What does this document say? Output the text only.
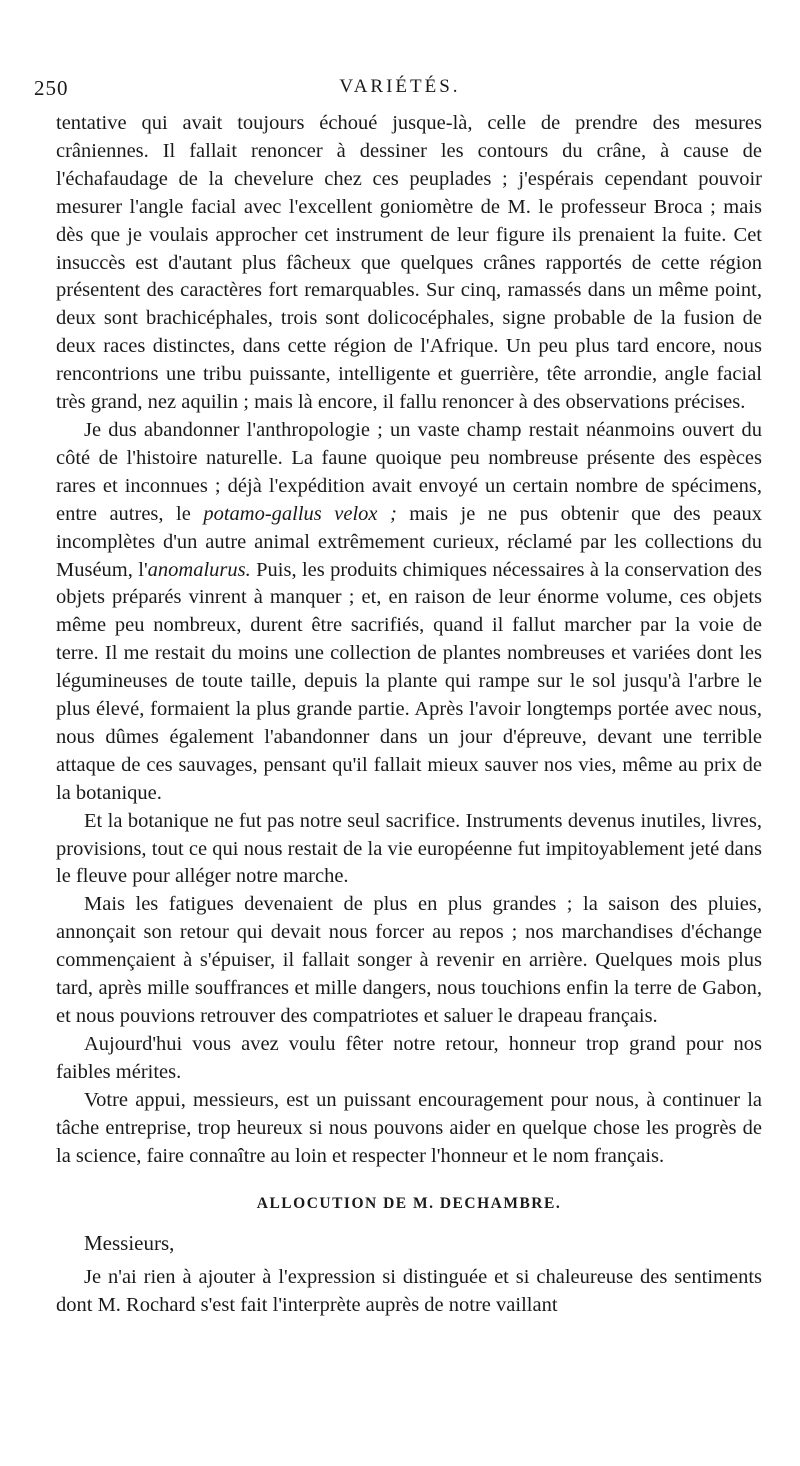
250	VARIÉTÉS.

tentative qui avait toujours échoué jusque-là, celle de prendre des mesures crâniennes. Il fallait renoncer à dessiner les contours du crâne, à cause de l'échafaudage de la chevelure chez ces peuplades ; j'espérais cependant pouvoir mesurer l'angle facial avec l'excellent goniomètre de M. le professeur Broca ; mais dès que je voulais approcher cet instrument de leur figure ils prenaient la fuite. Cet insuccès est d'autant plus fâcheux que quelques crânes rapportés de cette région présentent des caractères fort remarquables. Sur cinq, ramassés dans un même point, deux sont brachicéphales, trois sont dolicocéphales, signe probable de la fusion de deux races distinctes, dans cette région de l'Afrique. Un peu plus tard encore, nous rencontrions une tribu puissante, intelligente et guerrière, tête arrondie, angle facial très grand, nez aquilin ; mais là encore, il fallu renoncer à des observations précises.

Je dus abandonner l'anthropologie ; un vaste champ restait néanmoins ouvert du côté de l'histoire naturelle. La faune quoique peu nombreuse présente des espèces rares et inconnues ; déjà l'expédition avait envoyé un certain nombre de spécimens, entre autres, le potamo-gallus velox ; mais je ne pus obtenir que des peaux incomplètes d'un autre animal extrêmement curieux, réclamé par les collections du Muséum, l'anomalurus. Puis, les produits chimiques nécessaires à la conservation des objets préparés vinrent à manquer ; et, en raison de leur énorme volume, ces objets même peu nombreux, durent être sacrifiés, quand il fallut marcher par la voie de terre. Il me restait du moins une collection de plantes nombreuses et variées dont les légumineuses de toute taille, depuis la plante qui rampe sur le sol jusqu'à l'arbre le plus élevé, formaient la plus grande partie. Après l'avoir longtemps portée avec nous, nous dûmes également l'abandonner dans un jour d'épreuve, devant une terrible attaque de ces sauvages, pensant qu'il fallait mieux sauver nos vies, même au prix de la botanique.

Et la botanique ne fut pas notre seul sacrifice. Instruments devenus inutiles, livres, provisions, tout ce qui nous restait de la vie européenne fut impitoyablement jeté dans le fleuve pour alléger notre marche.

Mais les fatigues devenaient de plus en plus grandes ; la saison des pluies, annonçait son retour qui devait nous forcer au repos ; nos marchandises d'échange commençaient à s'épuiser, il fallait songer à revenir en arrière. Quelques mois plus tard, après mille souffrances et mille dangers, nous touchions enfin la terre de Gabon, et nous pouvions retrouver des compatriotes et saluer le drapeau français.

Aujourd'hui vous avez voulu fêter notre retour, honneur trop grand pour nos faibles mérites.

Votre appui, messieurs, est un puissant encouragement pour nous, à continuer la tâche entreprise, trop heureux si nous pouvons aider en quelque chose les progrès de la science, faire connaître au loin et respecter l'honneur et le nom français.

ALLOCUTION DE M. DECHAMBRE.

Messieurs,

Je n'ai rien à ajouter à l'expression si distinguée et si chaleureuse des sentiments dont M. Rochard s'est fait l'interprète auprès de notre vaillant
